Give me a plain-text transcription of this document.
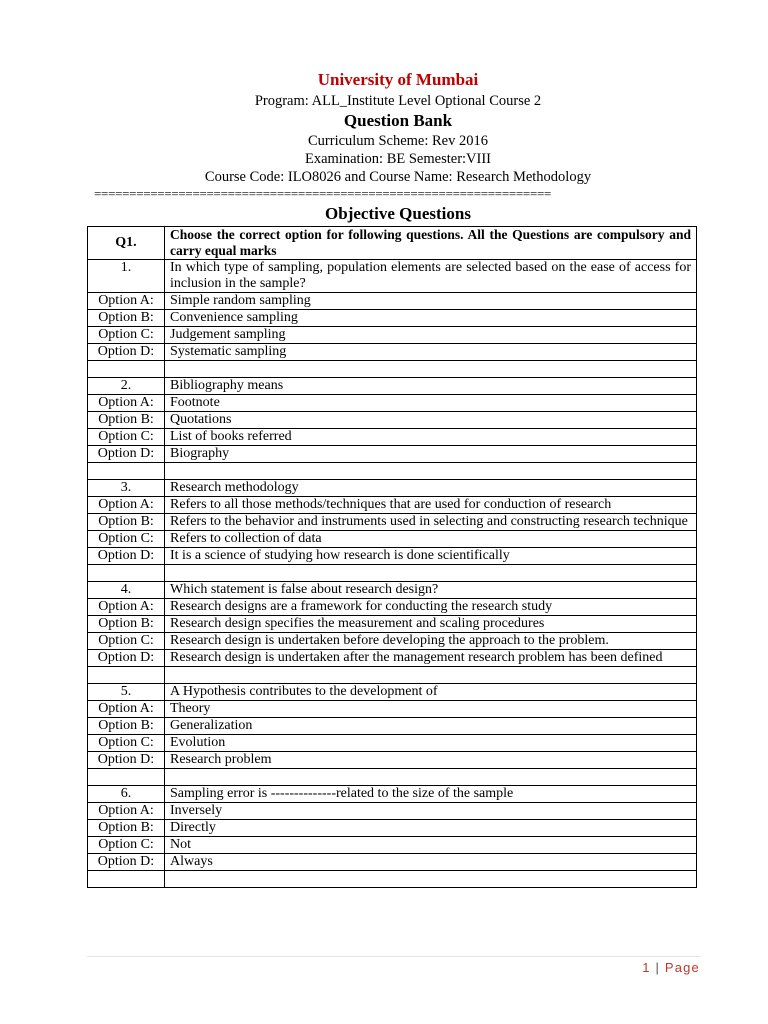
University of Mumbai
Program: ALL_Institute Level Optional Course 2
Question Bank
Curriculum Scheme: Rev 2016
Examination: BE Semester:VIII
Course Code: ILO8026 and Course Name: Research Methodology
=================================================================
Objective Questions
Q1.	Choose the correct option for following questions. All the Questions are compulsory and carry equal marks
1.	In which type of sampling, population elements are selected based on the ease of access for inclusion in the sample?
Option A:	Simple random sampling
Option B:	Convenience sampling
Option C:	Judgement sampling
Option D:	Systematic sampling

2.	Bibliography means
Option A:	Footnote
Option B:	Quotations
Option C:	List of books referred
Option D:	Biography

3.	Research methodology
Option A:	Refers to all those methods/techniques that are used for conduction of research
Option B:	Refers to the behavior and instruments used in selecting and constructing research technique
Option C:	Refers to collection of data
Option D:	It is a science of studying how research is done scientifically

4.	Which statement is false about research design?
Option A:	Research designs are a framework for conducting the research study
Option B:	Research design specifies the measurement and scaling procedures
Option C:	Research design is undertaken before developing the approach to the problem.
Option D:	Research design is undertaken after the management research problem has been defined

5.	A Hypothesis contributes to the development of
Option A:	Theory
Option B:	Generalization
Option C:	Evolution
Option D:	Research problem

6.	Sampling error is --------------related to the size of the sample
Option A:	Inversely
Option B:	Directly
Option C:	Not
Option D:	Always

1 | Page
